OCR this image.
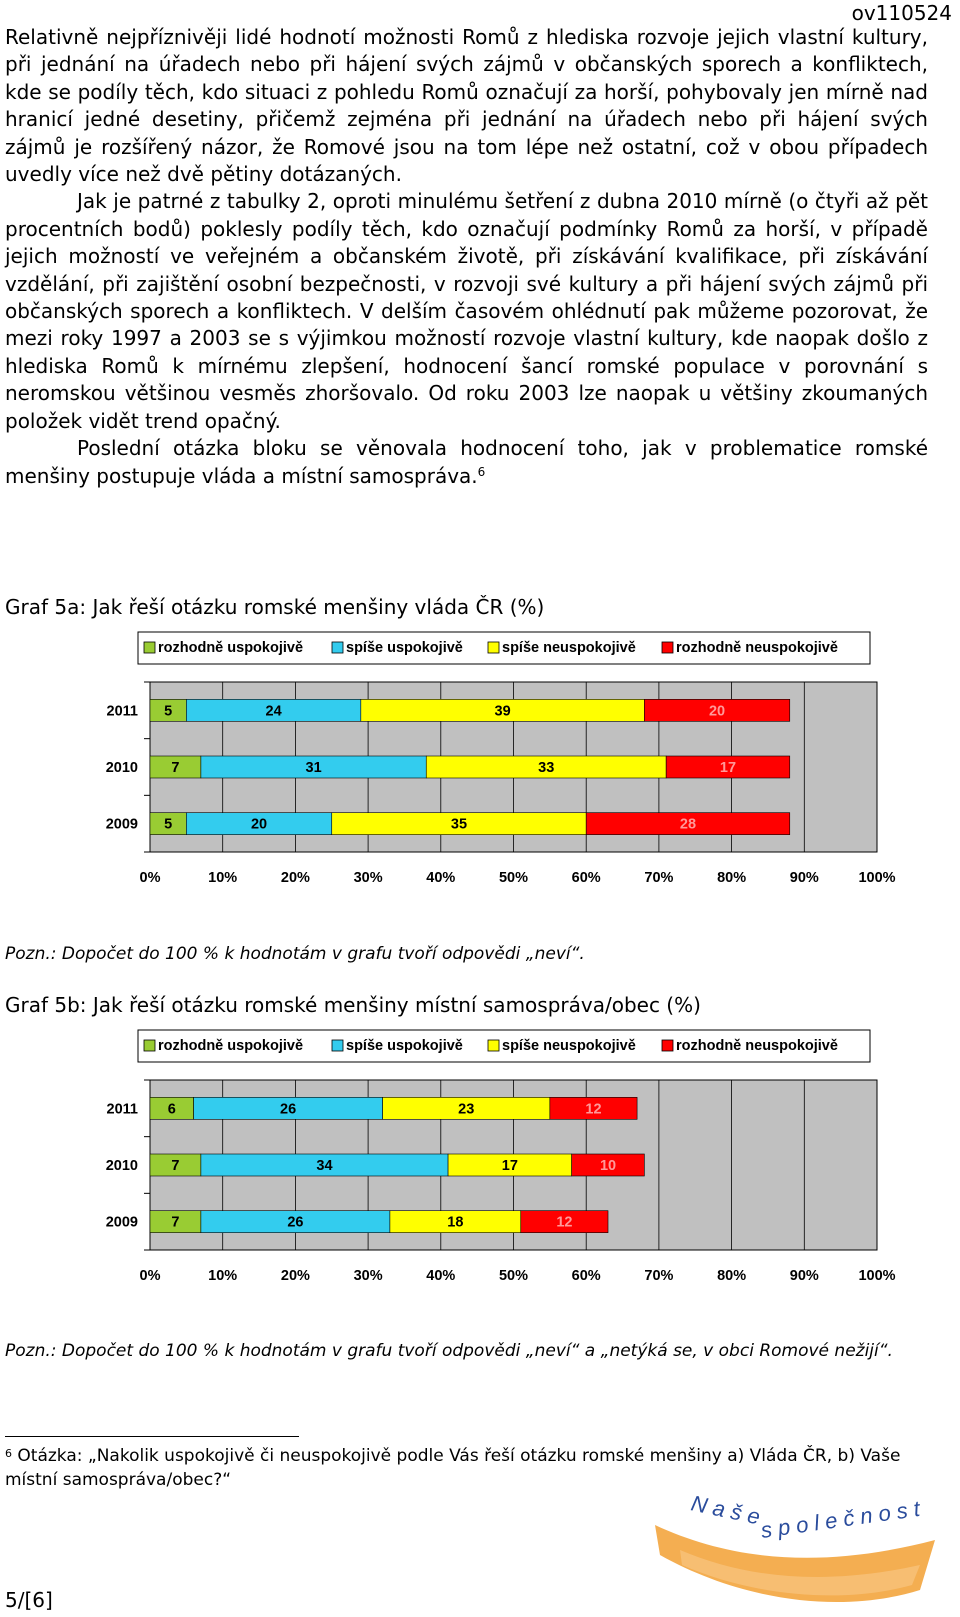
ov110524

Relativně nejpříznivěji lidé hodnotí možnosti Romů z hlediska rozvoje jejich vlastní kultury, při jednání na úřadech nebo při hájení svých zájmů v občanských sporech a konfliktech, kde se podíly těch, kdo situaci z pohledu Romů označují za horší, pohybovaly jen mírně nad hranicí jedné desetiny, přičemž zejména při jednání na úřadech nebo při hájení svých zájmů je rozšířený názor, že Romové jsou na tom lépe než ostatní, což v obou případech uvedly více než dvě pětiny dotázaných.

Jak je patrné z tabulky 2, oproti minulému šetření z dubna 2010 mírně (o čtyři až pět procentních bodů) poklesly podíly těch, kdo označují podmínky Romů za horší, v případě jejich možností ve veřejném a občanském životě, při získávání kvalifikace, při získávání vzdělání, při zajištění osobní bezpečnosti, v rozvoji své kultury a při hájení svých zájmů při občanských sporech a konfliktech. V delším časovém ohlédnutí pak můžeme pozorovat, že mezi roky 1997 a 2003 se s výjimkou možností rozvoje vlastní kultury, kde naopak došlo z hlediska Romů k mírnému zlepšení, hodnocení šancí romské populace v porovnání s neromskou většinou vesměs zhoršovalo. Od roku 2003 lze naopak u většiny zkoumaných položek vidět trend opačný.

Poslední otázka bloku se věnovala hodnocení toho, jak v problematice romské menšiny postupuje vláda a místní samospráva.$^6$

Graf 5a: Jak řeší otázku romské menšiny vláda ČR (%)
rozhodně uspokojivě	spíše uspokojivě	spíše neuspokojivě	rozhodně neuspokojivě
0%	10%	20%	30%	40%	50%	60%	70%	80%	90%	100%
2011 5	24	39	20
2010 7	31	33	17
2009 5	20	35	28
Pozn.: Dopočet do 100 % k hodnotám v grafu tvoří odpovědi „neví“.
Graf 5b: Jak řeší otázku romské menšiny místní samospráva/obec (%)
rozhodně uspokojivě	spíše uspokojivě	spíše neuspokojivě	rozhodně neuspokojivě
0%	10%	20%	30%	40%	50%	60%	70%	80%	90%	100%
2011 6	26	23	12
2010 7	34	17	10
2009 7	26	18	12
Pozn.: Dopočet do 100 % k hodnotám v grafu tvoří odpovědi „neví“ a „netýká se, v obci Romové nežijí“.
$^6$ Otázka: „Nakolik uspokojivě či neuspokojivě podle Vás řeší otázku romské menšiny a) Vláda ČR, b) Vaše místní samospráva/obec?“
N a š e
s p o l e č n o s t
5/[6]
